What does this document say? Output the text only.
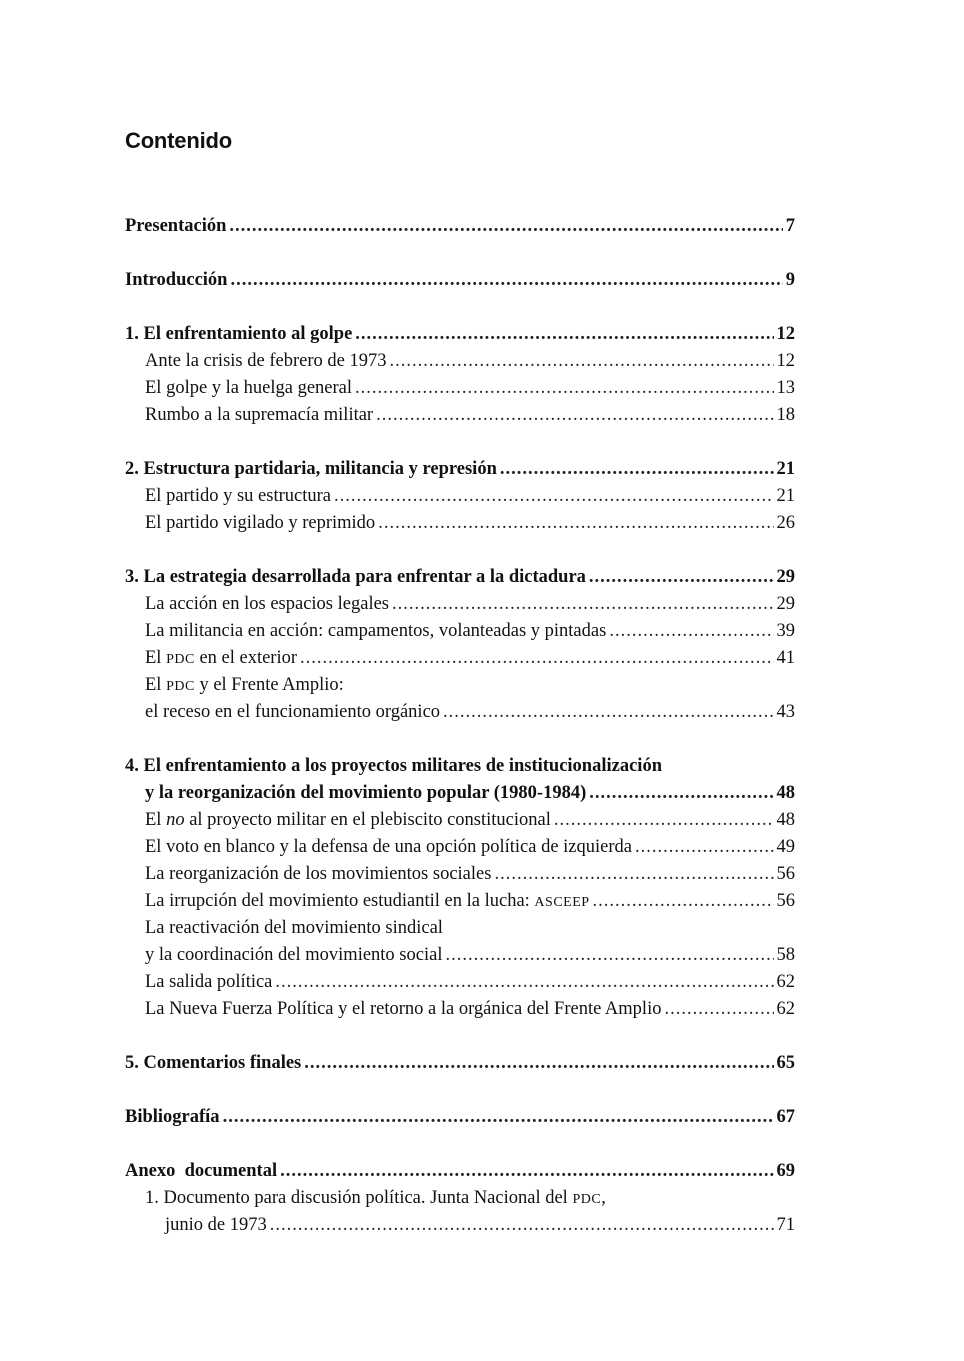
Contenido
Presentación .....	7
Introducción .....	9
1. El enfrentamiento al golpe .....	12
Ante la crisis de febrero de 1973 .....	12
El golpe y la huelga general .....	13
Rumbo a la supremacía militar .....	18
2. Estructura partidaria, militancia y represión .....	21
El partido y su estructura .....	21
El partido vigilado y reprimido .....	26
3. La estrategia desarrollada para enfrentar a la dictadura .....	29
La acción en los espacios legales .....	29
La militancia en acción: campamentos, volanteadas y pintadas .....	39
El PDC en el exterior .....	41
El PDC y el Frente Amplio:
el receso en el funcionamiento orgánico .....	43
4. El enfrentamiento a los proyectos militares de institucionalización
y la reorganización del movimiento popular (1980-1984) .....	48
El no al proyecto militar en el plebiscito constitucional .....	48
El voto en blanco y la defensa de una opción política de izquierda .....	49
La reorganización de los movimientos sociales .....	56
La irrupción del movimiento estudiantil en la lucha: ASCEEP .....	56
La reactivación del movimiento sindical
y la coordinación del movimiento social .....	58
La salida política .....	62
La Nueva Fuerza Política y el retorno a la orgánica del Frente Amplio .....	62
5. Comentarios finales .....	65
Bibliografía .....	67
Anexo  documental .....	69
1. Documento para discusión política. Junta Nacional del PDC,
junio de 1973 .....	71
